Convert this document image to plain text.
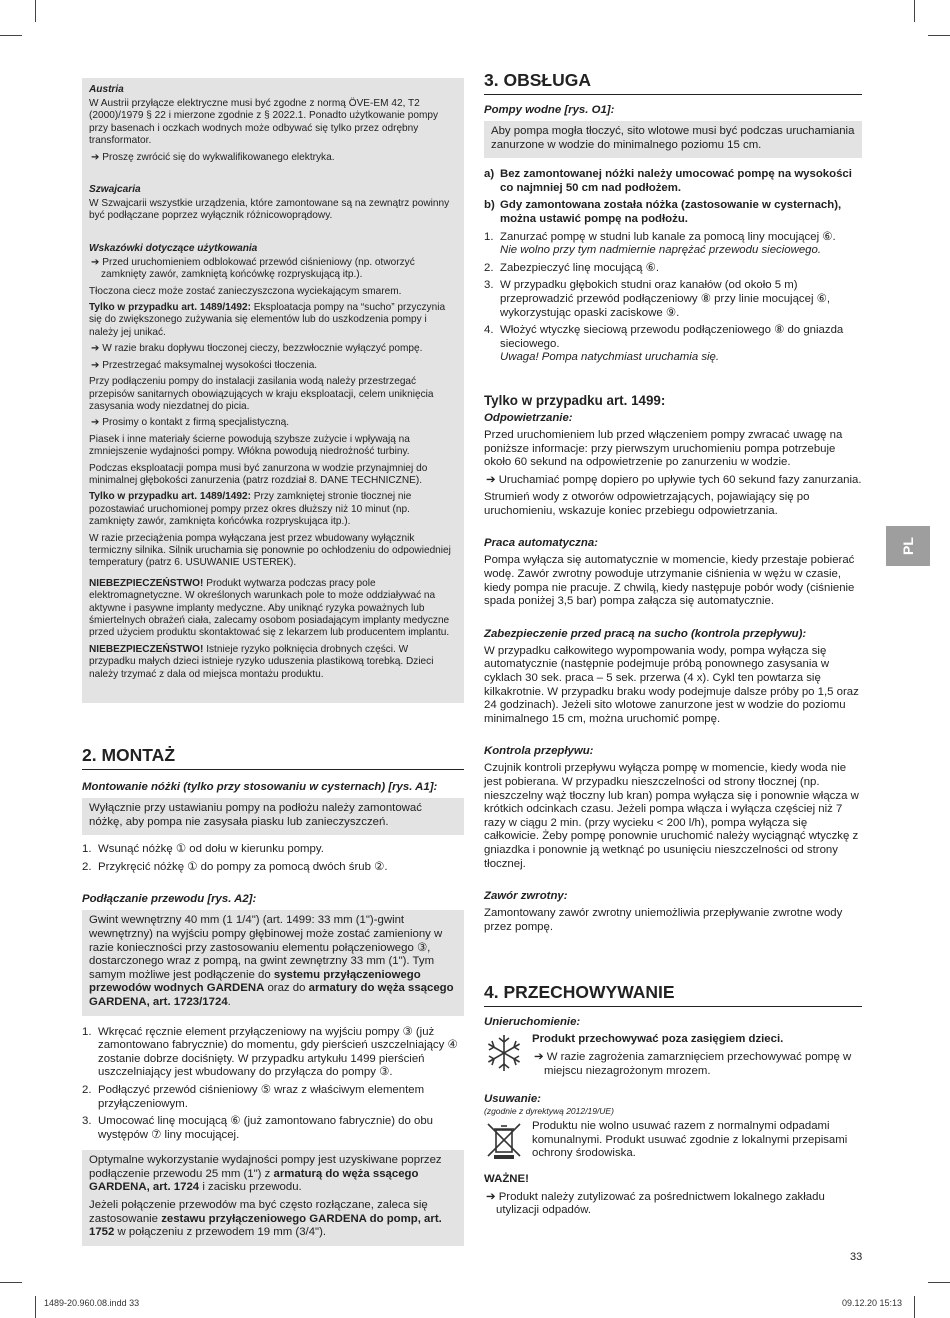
Austria

W Austrii przyłącze elektryczne musi być zgodne z normą ÖVE-EM 42, T2 (2000)/1979 § 22 i mierzone zgodnie z § 2022.1. Ponadto użytkowanie pompy przy basenach i oczkach wodnych może odbywać się tylko przez odrębny transformator.

➔ Proszę zwrócić się do wykwalifikowanego elektryka.

Szwajcaria

W Szwajcarii wszystkie urządzenia, które zamontowane są na zewnątrz powinny być podłączane poprzez wyłącznik różnicowoprądowy.

Wskazówki dotyczące użytkowania

➔ Przed uruchomieniem odblokować przewód ciśnieniowy (np. otworzyć zamknięty zawór, zamkniętą końcówkę rozpryskującą itp.).

Tłoczona ciecz może zostać zanieczyszczona wyciekającym smarem.

Tylko w przypadku art. 1489/1492: Eksploatacja pompy na “sucho” przyczynia się do zwiększonego zużywania się elementów lub do uszkodzenia pompy i należy jej unikać.

➔ W razie braku dopływu tłoczonej cieczy, bezzwłocznie wyłączyć pompę.

➔ Przestrzegać maksymalnej wysokości tłoczenia.

Przy podłączeniu pompy do instalacji zasilania wodą należy przestrzegać przepisów sanitarnych obowiązujących w kraju eksploatacji, celem uniknięcia zasysania wody niezdatnej do picia.

➔ Prosimy o kontakt z firmą specjalistyczną.

Piasek i inne materiały ścierne powodują szybsze zużycie i wpływają na zmniejszenie wydajności pompy. Włókna powodują niedrożność turbiny.

Podczas eksploatacji pompa musi być zanurzona w wodzie przynajmniej do minimalnej głębokości zanurzenia (patrz rozdział 8. DANE TECHNICZNE).

Tylko w przypadku art. 1489/1492: Przy zamkniętej stronie tłocznej nie pozostawiać uruchomionej pompy przez okres dłuższy niż 10 minut (np. zamknięty zawór, zamknięta końcówka rozpryskująca itp.).

W razie przeciążenia pompa wyłączana jest przez wbudowany wyłącznik termiczny silnika. Silnik uruchamia się ponownie po ochłodzeniu do odpowiedniej temperatury (patrz 6. USUWANIE USTEREK).

NIEBEZPIECZEŃSTWO! Produkt wytwarza podczas pracy pole elektromagnetyczne. W określonych warunkach pole to może oddziaływać na aktywne i pasywne implanty medyczne. Aby uniknąć ryzyka poważnych lub śmiertelnych obrażeń ciała, zalecamy osobom posiadającym implanty medyczne przed użyciem produktu skontaktować się z lekarzem lub producentem implantu.

NIEBEZPIECZEŃSTWO! Istnieje ryzyko połknięcia drobnych części. W przypadku małych dzieci istnieje ryzyko uduszenia plastikową torebką. Dzieci należy trzymać z dala od miejsca montażu produktu.

2. MONTAŻ

Montowanie nóżki (tylko przy stosowaniu w cysternach) [rys. A1]:

Wyłącznie przy ustawianiu pompy na podłożu należy zamontować nóżkę, aby pompa nie zasysała piasku lub zanieczyszczeń.

1. Wsunąć nóżkę ① od dołu w kierunku pompy.
2. Przykręcić nóżkę ① do pompy za pomocą dwóch śrub ②.

Podłączanie przewodu [rys. A2]:

Gwint wewnętrzny 40 mm (1 1/4") (art. 1499: 33 mm (1")-gwint wewnętrzny) na wyjściu pompy głębinowej może zostać zamieniony w razie konieczności przy zastosowaniu elementu połączeniowego ③, dostarczonego wraz z pompą, na gwint zewnętrzny 33 mm (1"). Tym samym możliwe jest podłączenie do systemu przyłączeniowego przewodów wodnych GARDENA oraz do armatury do węża ssącego GARDENA, art. 1723/1724.

1. Wkręcać ręcznie element przyłączeniowy na wyjściu pompy ③ (już zamontowano fabrycznie) do momentu, gdy pierścień uszczelniający ④ zostanie dobrze dociśnięty. W przypadku artykułu 1499 pierścień uszczelniający jest wbudowany do przyłącza do pompy ③.
2. Podłączyć przewód ciśnieniowy ⑤ wraz z właściwym elementem przyłączeniowym.
3. Umocować linę mocującą ⑥ (już zamontowano fabrycznie) do obu występów ⑦ liny mocującej.

Optymalne wykorzystanie wydajności pompy jest uzyskiwane poprzez podłączenie przewodu 25 mm (1") z armaturą do węża ssącego GARDENA, art. 1724 i zacisku przewodu.

Jeżeli połączenie przewodów ma być często rozłączane, zaleca się zastosowanie zestawu przyłączeniowego GARDENA do pomp, art. 1752 w połączeniu z przewodem 19 mm (3/4").

3. OBSŁUGA

Pompy wodne [rys. O1]:

Aby pompa mogła tłoczyć, sito wlotowe musi być podczas uruchamiania zanurzone w wodzie do minimalnego poziomu 15 cm.

a) Bez zamontowanej nóżki należy umocować pompę na wysokości co najmniej 50 cm nad podłożem.
b) Gdy zamontowana została nóżka (zastosowanie w cysternach), można ustawić pompę na podłożu.
1. Zanurzać pompę w studni lub kanale za pomocą liny mocującej ⑥.
Nie wolno przy tym nadmiernie naprężać przewodu sieciowego.
2. Zabezpieczyć linę mocującą ⑥.
3. W przypadku głębokich studni oraz kanałów (od około 5 m) przeprowadzić przewód podłączeniowy ⑧ przy linie mocującej ⑥, wykorzystując opaski zaciskowe ⑨.
4. Włożyć wtyczkę sieciową przewodu podłączeniowego ⑧ do gniazda sieciowego.
Uwaga! Pompa natychmiast uruchamia się.

Tylko w przypadku art. 1499:

Odpowietrzanie:

Przed uruchomieniem lub przed włączeniem pompy zwracać uwagę na poniższe informacje: przy pierwszym uruchomieniu pompa potrzebuje około 60 sekund na odpowietrzenie po zanurzeniu w wodzie.

➔ Uruchamiać pompę dopiero po upływie tych 60 sekund fazy zanurzania.

Strumień wody z otworów odpowietrzających, pojawiający się po uruchomieniu, wskazuje koniec przebiegu odpowietrzania.

Praca automatyczna:

Pompa wyłącza się automatycznie w momencie, kiedy przestaje pobierać wodę. Zawór zwrotny powoduje utrzymanie ciśnienia w wężu w czasie, kiedy pompa nie pracuje. Z chwilą, kiedy następuje pobór wody (ciśnienie spada poniżej 3,5 bar) pompa załącza się automatycznie.

Zabezpieczenie przed pracą na sucho (kontrola przepływu):

W przypadku całkowitego wypompowania wody, pompa wyłącza się automatycznie (następnie podejmuje próbą ponownego zasysania w cyklach 30 sek. praca – 5 sek. przerwa (4 x). Cykl ten powtarza się kilkakrotnie. W przypadku braku wody podejmuje dalsze próby po 1,5 oraz 24 godzinach). Jeżeli sito wlotowe zanurzone jest w wodzie do poziomu minimalnego 15 cm, można uruchomić pompę.

Kontrola przepływu:

Czujnik kontroli przepływu wyłącza pompę w momencie, kiedy woda nie jest pobierana. W przypadku nieszczelności od strony tłocznej (np. nieszczelny wąż tłoczny lub kran) pompa wyłącza się i ponownie włącza w krótkich odcinkach czasu. Jeżeli pompa włącza i wyłącza częściej niż 7 razy w ciągu 2 min. (przy wycieku < 200 l/h), pompa wyłącza się całkowicie. Żeby pompę ponownie uruchomić należy wyciągnąć wtyczkę z gniazdka i ponownie ją wetknąć po usunięciu nieszczelności od strony tłocznej.

Zawór zwrotny:

Zamontowany zawór zwrotny uniemożliwia przepływanie zwrotne wody przez pompę.

4. PRZECHOWYWANIE

Unieruchomienie:

Produkt przechowywać poza zasięgiem dzieci.

➔ W razie zagrożenia zamarznięciem przechowywać pompę w miejscu niezagrożonym mrozem.

Usuwanie:

(zgodnie z dyrektywą 2012/19/UE)

Produktu nie wolno usuwać razem z normalnymi odpadami komunalnymi. Produkt usuwać zgodnie z lokalnymi przepisami ochrony środowiska.

WAŻNE!

➔ Produkt należy zutylizować za pośrednictwem lokalnego zakładu utylizacji odpadów.

PL
33
1489-20.960.08.indd 33	09.12.20 15:13
